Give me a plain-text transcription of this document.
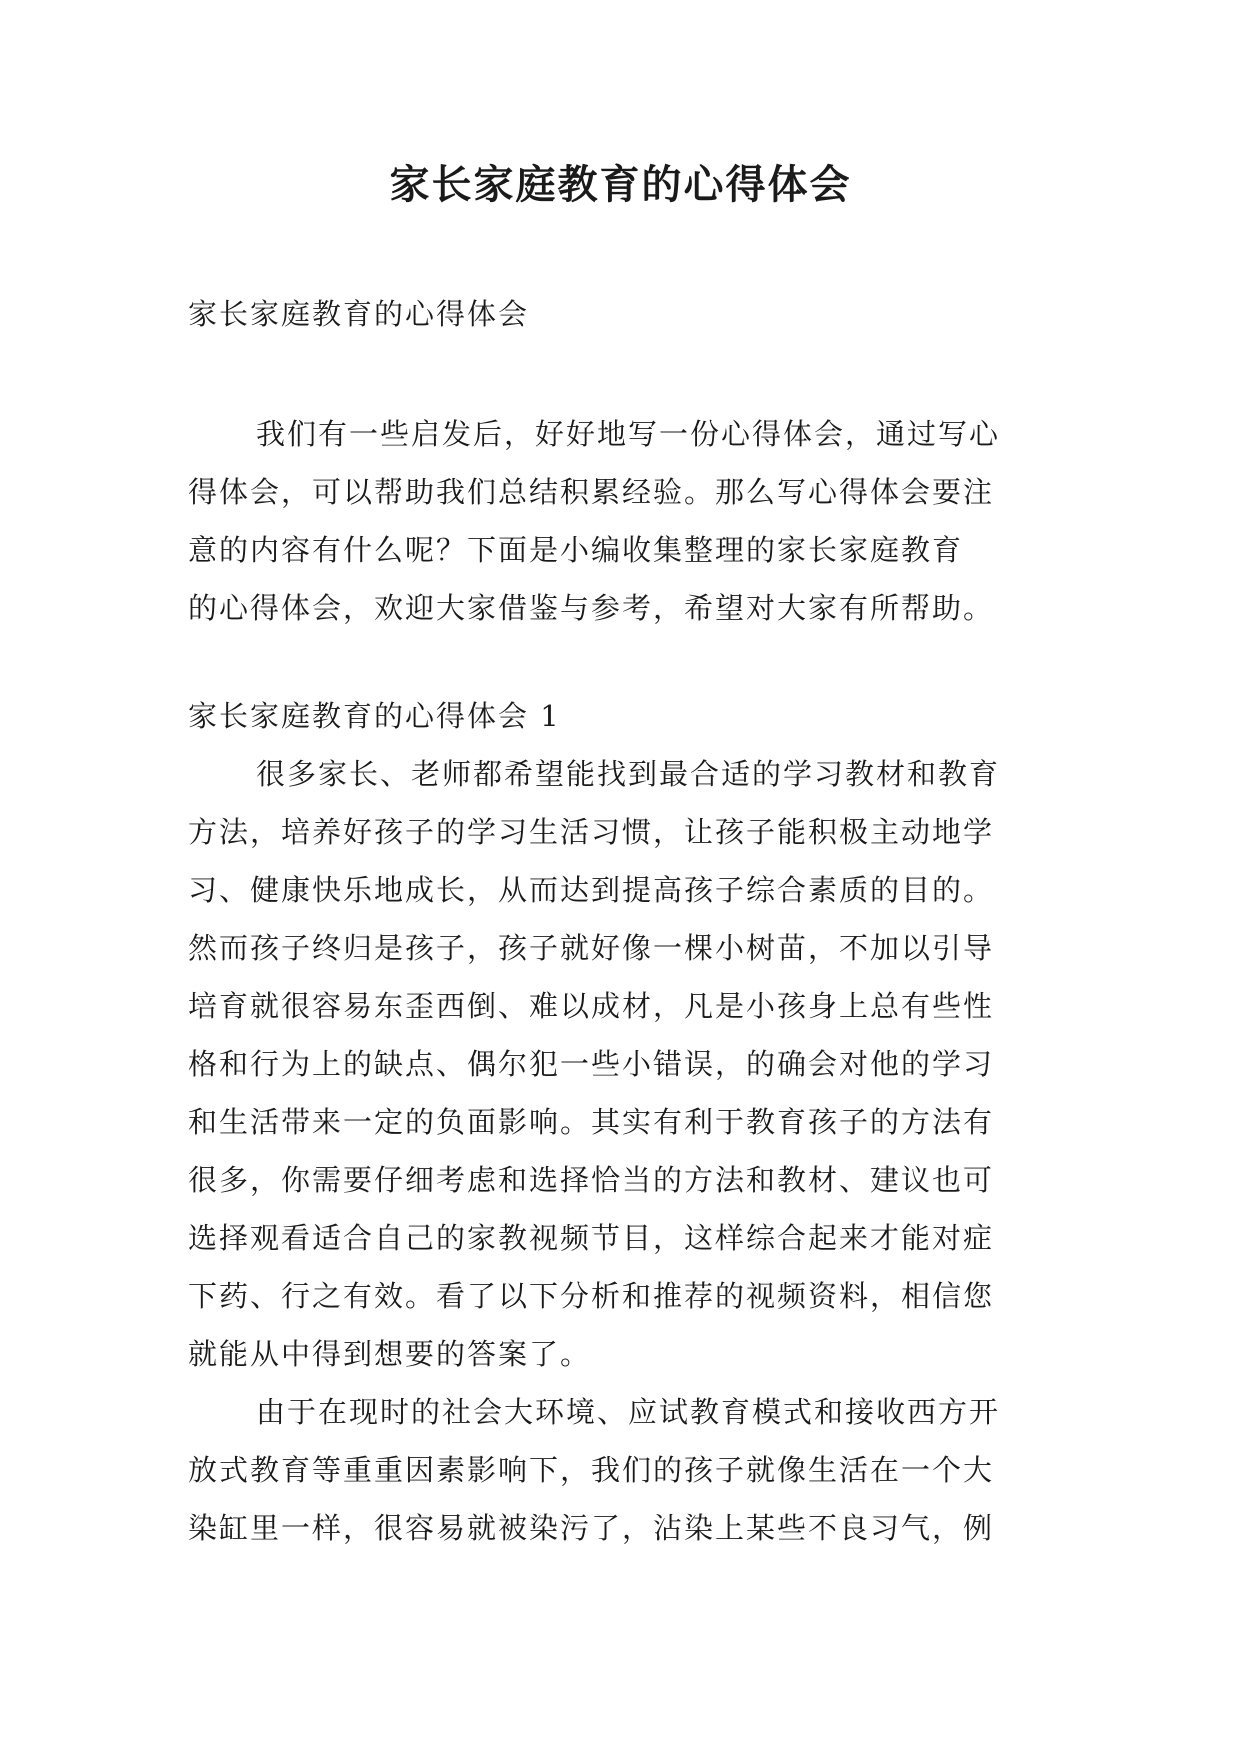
家长家庭教育的心得体会
家长家庭教育的心得体会
我们有一些启发后，好好地写一份心得体会，通过写心
得体会，可以帮助我们总结积累经验。那么写心得体会要注
意的内容有什么呢？下面是小编收集整理的家长家庭教育
的心得体会，欢迎大家借鉴与参考，希望对大家有所帮助。
家长家庭教育的心得体会 1
很多家长、老师都希望能找到最合适的学习教材和教育
方法，培养好孩子的学习生活习惯，让孩子能积极主动地学
习、健康快乐地成长，从而达到提高孩子综合素质的目的。
然而孩子终归是孩子，孩子就好像一棵小树苗，不加以引导
培育就很容易东歪西倒、难以成材，凡是小孩身上总有些性
格和行为上的缺点、偶尔犯一些小错误，的确会对他的学习
和生活带来一定的负面影响。其实有利于教育孩子的方法有
很多，你需要仔细考虑和选择恰当的方法和教材、建议也可
选择观看适合自己的家教视频节目，这样综合起来才能对症
下药、行之有效。看了以下分析和推荐的视频资料，相信您
就能从中得到想要的答案了。
由于在现时的社会大环境、应试教育模式和接收西方开
放式教育等重重因素影响下，我们的孩子就像生活在一个大
染缸里一样，很容易就被染污了，沾染上某些不良习气，例
